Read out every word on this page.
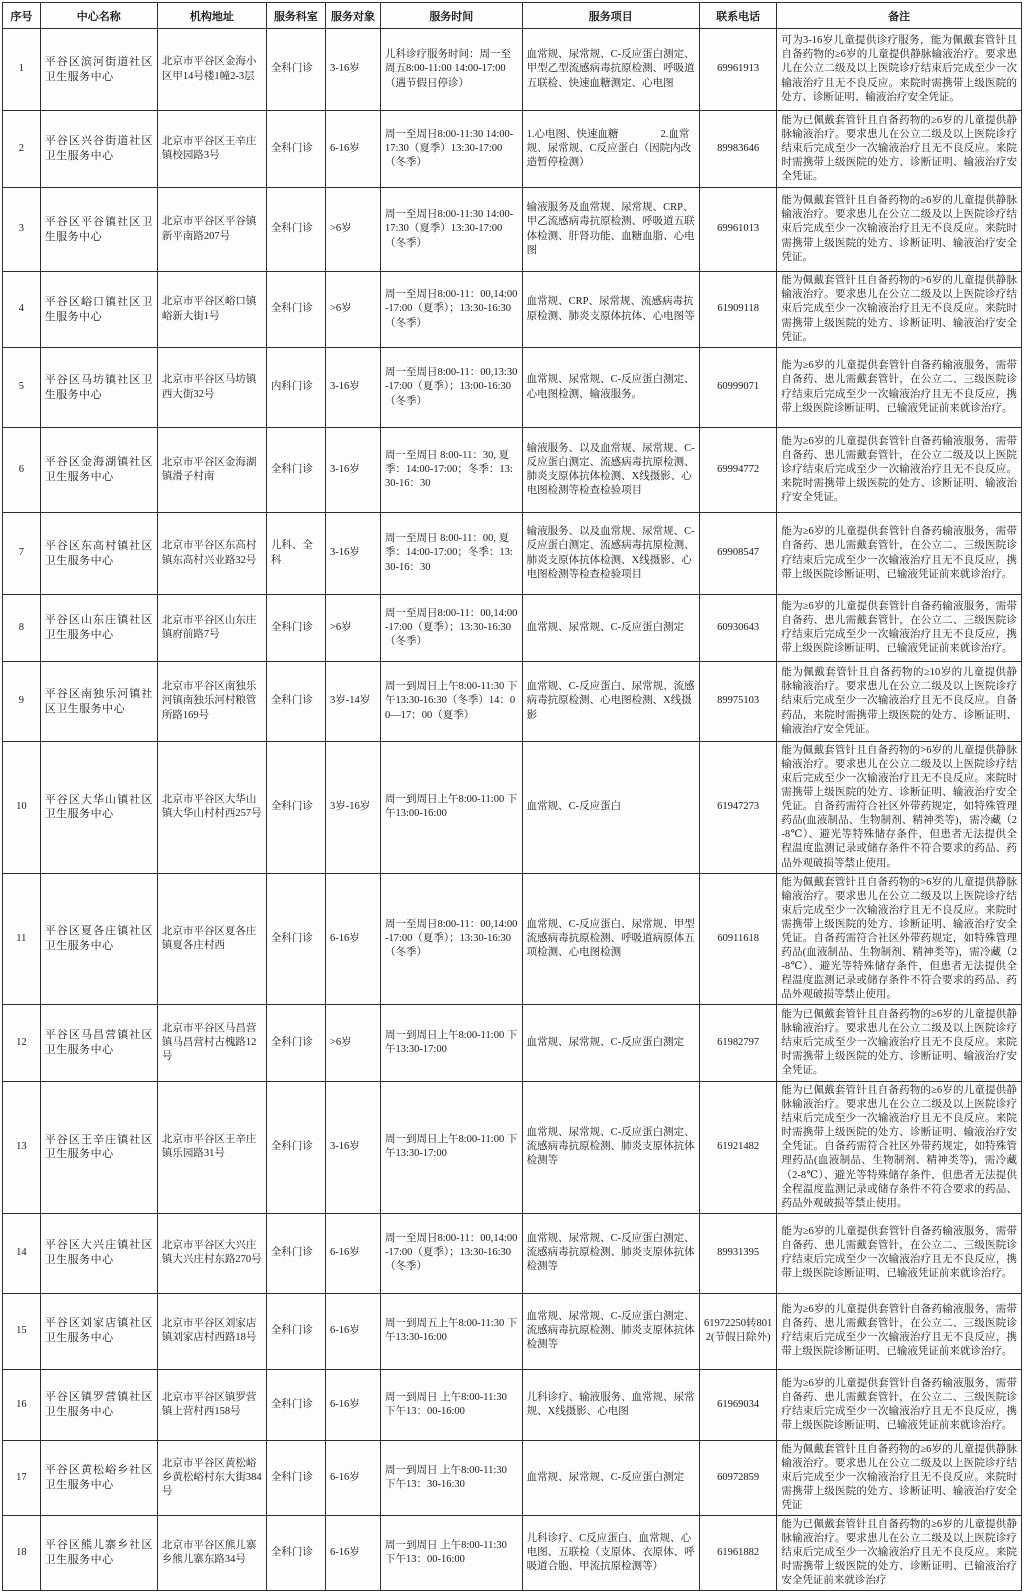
序号	中心名称	机构地址	服务科室	服务对象	服务时间	服务项目	联系电话	备注
1	平谷区滨河街道社区卫生服务中心	北京市平谷区金海小区甲14号楼1幢2-3层	全科门诊	3-16岁	儿科诊疗服务时间：周一至周五8:00-11:00 14:00-17:00（遇节假日停诊）	血常规、尿常规、C-反应蛋白测定、甲型乙型流感病毒抗原检测、呼吸道五联检、快速血糖测定、心电图	69961913	可为3-16岁儿童提供诊疗服务，能为佩戴套管针且自备药物的≥6岁的儿童提供静脉输液治疗。要求患儿在公立二级及以上医院诊疗结束后完成至少一次输液治疗且无不良反应。来院时需携带上级医院的处方、诊断证明、输液治疗安全凭证。
2	平谷区兴谷街道社区卫生服务中心	北京市平谷区王辛庄镇校园路3号	全科门诊	6-16岁	周一至周日8:00-11:30 14:00-17:30（夏季）13:30-17:00（冬季）	1.心电图、快速血糖　　　　2.血常规、尿常规、C反应蛋白（因院内改造暂停检测）	89983646	能为已佩戴套管针且自备药物的≥6岁的儿童提供静脉输液治疗。要求患儿在公立二级及以上医院诊疗结束后完成至少一次输液治疗且无不良反应。来院时需携带上级医院的处方、诊断证明、输液治疗安全凭证。
3	平谷区平谷镇社区卫生服务中心	北京市平谷区平谷镇新平南路207号	全科门诊	>6岁	周一至周日8:00-11:30 14:00-17:30（夏季）13:30-17:00（冬季）	输液服务及血常规、尿常规、CRP、甲乙流感病毒抗原检测、呼吸道五联体检测、肝肾功能、血糖血脂、心电图	69961013	能为佩戴套管针且自备药物的≥6岁的儿童提供静脉输液治疗。要求患儿在公立二级及以上医院诊疗结束后完成至少一次输液治疗且无不良反应。来院时需携带上级医院的处方、诊断证明、输液治疗安全凭证。
4	平谷区峪口镇社区卫生服务中心	北京市平谷区峪口镇峪新大街1号	全科门诊	>6岁	周一至周日8:00-11：00,14:00-17:00（夏季）；13:30-16:30（冬季）	血常规、CRP、尿常规、流感病毒抗原检测、肺炎支原体抗体、心电图等	61909118	能为佩戴套管针且自备药物的>6岁的儿童提供静脉输液治疗。要求患儿在公立二级及以上医院诊疗结束后完成至少一次输液治疗且无不良反应。来院时需携带上级医院的处方、诊断证明、输液治疗安全凭证。
5	平谷区马坊镇社区卫生服务中心	北京市平谷区马坊镇西大街32号	内科门诊	3-16岁	周一至周日8:00-11：00,13:30-17:00（夏季）；13:00-16:30（冬季）	血常规、尿常规、C-反应蛋白测定、心电图检测、输液服务。	60999071	能为≥6岁的儿童提供套管针自备药输液服务，需带自备药、患儿需戴套管针，在公立二、三级医院诊疗结束后完成至少一次输液治疗且无不良反应，携带上级医院诊断证明、已输液凭证前来就诊治疗。
6	平谷区金海湖镇社区卫生服务中心	北京市平谷区金海湖镇滑子村南	全科门诊	3-16岁	周一至周日 8:00-11：30, 夏季：14:00-17:00；冬季：13:30-16：30	输液服务、以及血常规、尿常规、C-反应蛋白测定、流感病毒抗原检测、肺炎支原体抗体检测、X线摄影、心电图检测等检查检验项目	69994772	能为≥6岁的儿童提供套管针自备药输液服务，需带自备药、患儿需戴套管针，在公立二级及以上医院诊疗结束后完成至少一次输液治疗且无不良反应。来院时需携带上级医院的处方、诊断证明、输液治疗安全凭证。
7	平谷区东高村镇社区卫生服务中心	北京市平谷区东高村镇东高村兴业路32号	儿科、全科	3-16岁	周一至周日 8:00-11：00, 夏季：14:00-17:00；冬季：13:30-16：30	输液服务、以及血常规、尿常规、C-反应蛋白测定、流感病毒抗原检测、肺炎支原体抗体检测、X线摄影、心电图检测等检查检验项目	69908547	能为≥6岁的儿童提供套管针自备药输液服务，需带自备药、患儿需戴套管针，在公立二、三级医院诊疗结束后完成至少一次输液治疗且无不良反应，携带上级医院诊断证明、已输液凭证前来就诊治疗。
8	平谷区山东庄镇社区卫生服务中心	北京市平谷区山东庄镇府前路7号	全科门诊	>6岁	周一至周日8:00-11：00,14:00-17:00（夏季）；13:30-16:30（冬季）	血常规、尿常规、C-反应蛋白测定	60930643	能为≥6岁的儿童提供套管针自备药输液服务，需带自备药、患儿需戴套管针，在公立二、三级医院诊疗结束后完成至少一次输液治疗且无不良反应，携带上级医院诊断证明、已输液凭证前来就诊治疗。
9	平谷区南独乐河镇社区卫生服务中心	北京市平谷区南独乐河镇南独乐河村粮管所路169号	全科门诊	3岁-14岁	周一到周日上午8:00-11:30 下午13:30-16:30（冬季）14：00—17：00（夏季）	血常规、C-反应蛋白、尿常规、流感病毒抗原检测、心电图检测、X线摄影	89975103	能为佩戴套管针且自备药物的≥10岁的儿童提供静脉输液治疗。要求患儿在公立二级及以上医院诊疗结束后完成至少一次输液治疗且无不良反应。自备药品，来院时需携带上级医院的处方、诊断证明、输液治疗安全凭证。
10	平谷区大华山镇社区卫生服务中心	北京市平谷区大华山镇大华山村村西257号	全科门诊	3岁-16岁	周一到周日上午8:00-11:00 下午13:00-16:00	血常规、C-反应蛋白	61947273	能为佩戴套管针且自备药物的>6岁的儿童提供静脉输液治疗。要求患儿在公立二级及以上医院诊疗结束后完成至少一次输液治疗且无不良反应。来院时需携带上级医院的处方、诊断证明、输液治疗安全凭证。自备药需符合社区外带药规定，如特殊管理药品(血液制品、生物制剂、精神类等)，需冷藏（2-8℃）、避光等特殊储存条件，但患者无法提供全程温度监测记录或储存条件不符合要求的药品、药品外观破损等禁止使用。
11	平谷区夏各庄镇社区卫生服务中心	北京市平谷区夏各庄镇夏各庄村西	全科门诊	6-16岁	周一至周日8:00-11：00,14:00-17:00（夏季）；13:30-16:30（冬季）	血常规、C-反应蛋白、尿常规、甲型流感病毒抗原检测、呼吸道病原体五项检测、心电图检测	60911618	能为佩戴套管针且自备药物的>6岁的儿童提供静脉输液治疗。要求患儿在公立二级及以上医院诊疗结束后完成至少一次输液治疗且无不良反应。来院时需携带上级医院的处方、诊断证明、输液治疗安全凭证。自备药需符合社区外带药规定，如特殊管理药品(血液制品、生物制剂、精神类等)，需冷藏（2-8℃）、避光等特殊储存条件，但患者无法提供全程温度监测记录或储存条件不符合要求的药品、药品外观破损等禁止使用。
12	平谷区马昌营镇社区卫生服务中心	北京市平谷区马昌营镇马昌营村古槐路12号	全科门诊	>6岁	周一到周日上午8:00-11:00 下午13:30-17:00	血常规、尿常规、C-反应蛋白测定	61982797	能为已佩戴套管针且自备药物的≥6岁的儿童提供静脉输液治疗。要求患儿在公立二级及以上医院诊疗结束后完成至少一次输液治疗且无不良反应。来院时需携带上级医院的处方、诊断证明、输液治疗安全凭证。
13	平谷区王辛庄镇社区卫生服务中心	北京市平谷区王辛庄镇乐园路31号	全科门诊	3-16岁	周一到周日上午8:00-11:00 下午13:30-17:00	血常规、尿常规、C-反应蛋白测定、流感病毒抗原检测、肺炎支原体抗体检测等	61921482	能为已佩戴套管针且自备药物的≥6岁的儿童提供静脉输液治疗。要求患儿在公立二级及以上医院诊疗结束后完成至少一次输液治疗且无不良反应。来院时需携带上级医院的处方、诊断证明、输液治疗安全凭证。自备药需符合社区外带药规定，如特殊管理药品(血液制品、生物制剂、精神类等)，需冷藏（2-8℃）、避光等特殊储存条件，但患者无法提供全程温度监测记录或储存条件不符合要求的药品、药品外观破损等禁止使用。
14	平谷区大兴庄镇社区卫生服务中心	北京市平谷区大兴庄镇大兴庄村东路270号	全科门诊	6-16岁	周一至周日8:00-11：00,14:00-17:00（夏季）；13:30-16:30（冬季）	血常规、尿常规、C-反应蛋白测定、流感病毒抗原检测、肺炎支原体抗体检测等	89931395	能为≥6岁的儿童提供套管针自备药输液服务，需带自备药、患儿需戴套管针，在公立二、三级医院诊疗结束后完成至少一次输液治疗且无不良反应，携带上级医院诊断证明、已输液凭证前来就诊治疗。
15	平谷区刘家店镇社区卫生服务中心	北京市平谷区刘家店镇刘家店村西路18号	全科门诊	6-16岁	周一到周五上午8:00-11:30 下午13:30-16:00	血常规、尿常规、C-反应蛋白测定、流感病毒抗原检测、肺炎支原体抗体检测等	61972250转8012(节假日除外)	能为≥6岁的儿童提供套管针自备药输液服务，需带自备药、患儿需戴套管针，在公立二、三级医院诊疗结束后完成至少一次输液治疗且无不良反应，携带上级医院诊断证明、已输液凭证前来就诊治疗。
16	平谷区镇罗营镇社区卫生服务中心	北京市平谷区镇罗营镇上营村西158号	全科门诊	6-16岁	周一到周日 上午8:00-11:30 下午13：00-16:00	儿科诊疗、输液服务、血常规、尿常规、X线摄影、心电图	61969034	能为≥6岁的儿童提供套管针自备药输液服务，需带自备药、患儿需戴套管针，在公立二、三级医院诊疗结束后完成至少一次输液治疗且无不良反应，携带上级医院诊断证明、已输液凭证前来就诊治疗。
17	平谷区黄松峪乡社区卫生服务中心	北京市平谷区黄松峪乡黄松峪村东大街384号	全科门诊	6-16岁	周一到周日 上午8:00-11:30 下午13：30-16:30	血常规、尿常规、C-反应蛋白测定	60972859	能为佩戴套管针且自备药物的≥6岁的儿童提供静脉输液治疗。要求患儿在公立二级及以上医院诊疗结束后完成至少一次输液治疗且无不良反应。来院时需携带上级医院的处方、诊断证明、输液治疗安全凭证
18	平谷区熊儿寨乡社区卫生服务中心	北京市平谷区熊儿寨乡熊儿寨东路34号	全科门诊	6-16岁	周一到周日 上午8:00-11:30 下午13：00-16:00	儿科诊疗、C反应蛋白、血常规、心电图、五联检（支原体、衣原体、呼吸道合胞、甲流抗原检测等）	61961882	能为已佩戴套管针且自备药物的≥6岁的儿童提供静脉输液治疗。要求患儿在公立二级及以上医院诊疗结束后完成至少一次输液治疗且无不良反应。来院时需携带上级医院的处方、诊断证明、已输液治疗安全凭证前来就诊治疗
